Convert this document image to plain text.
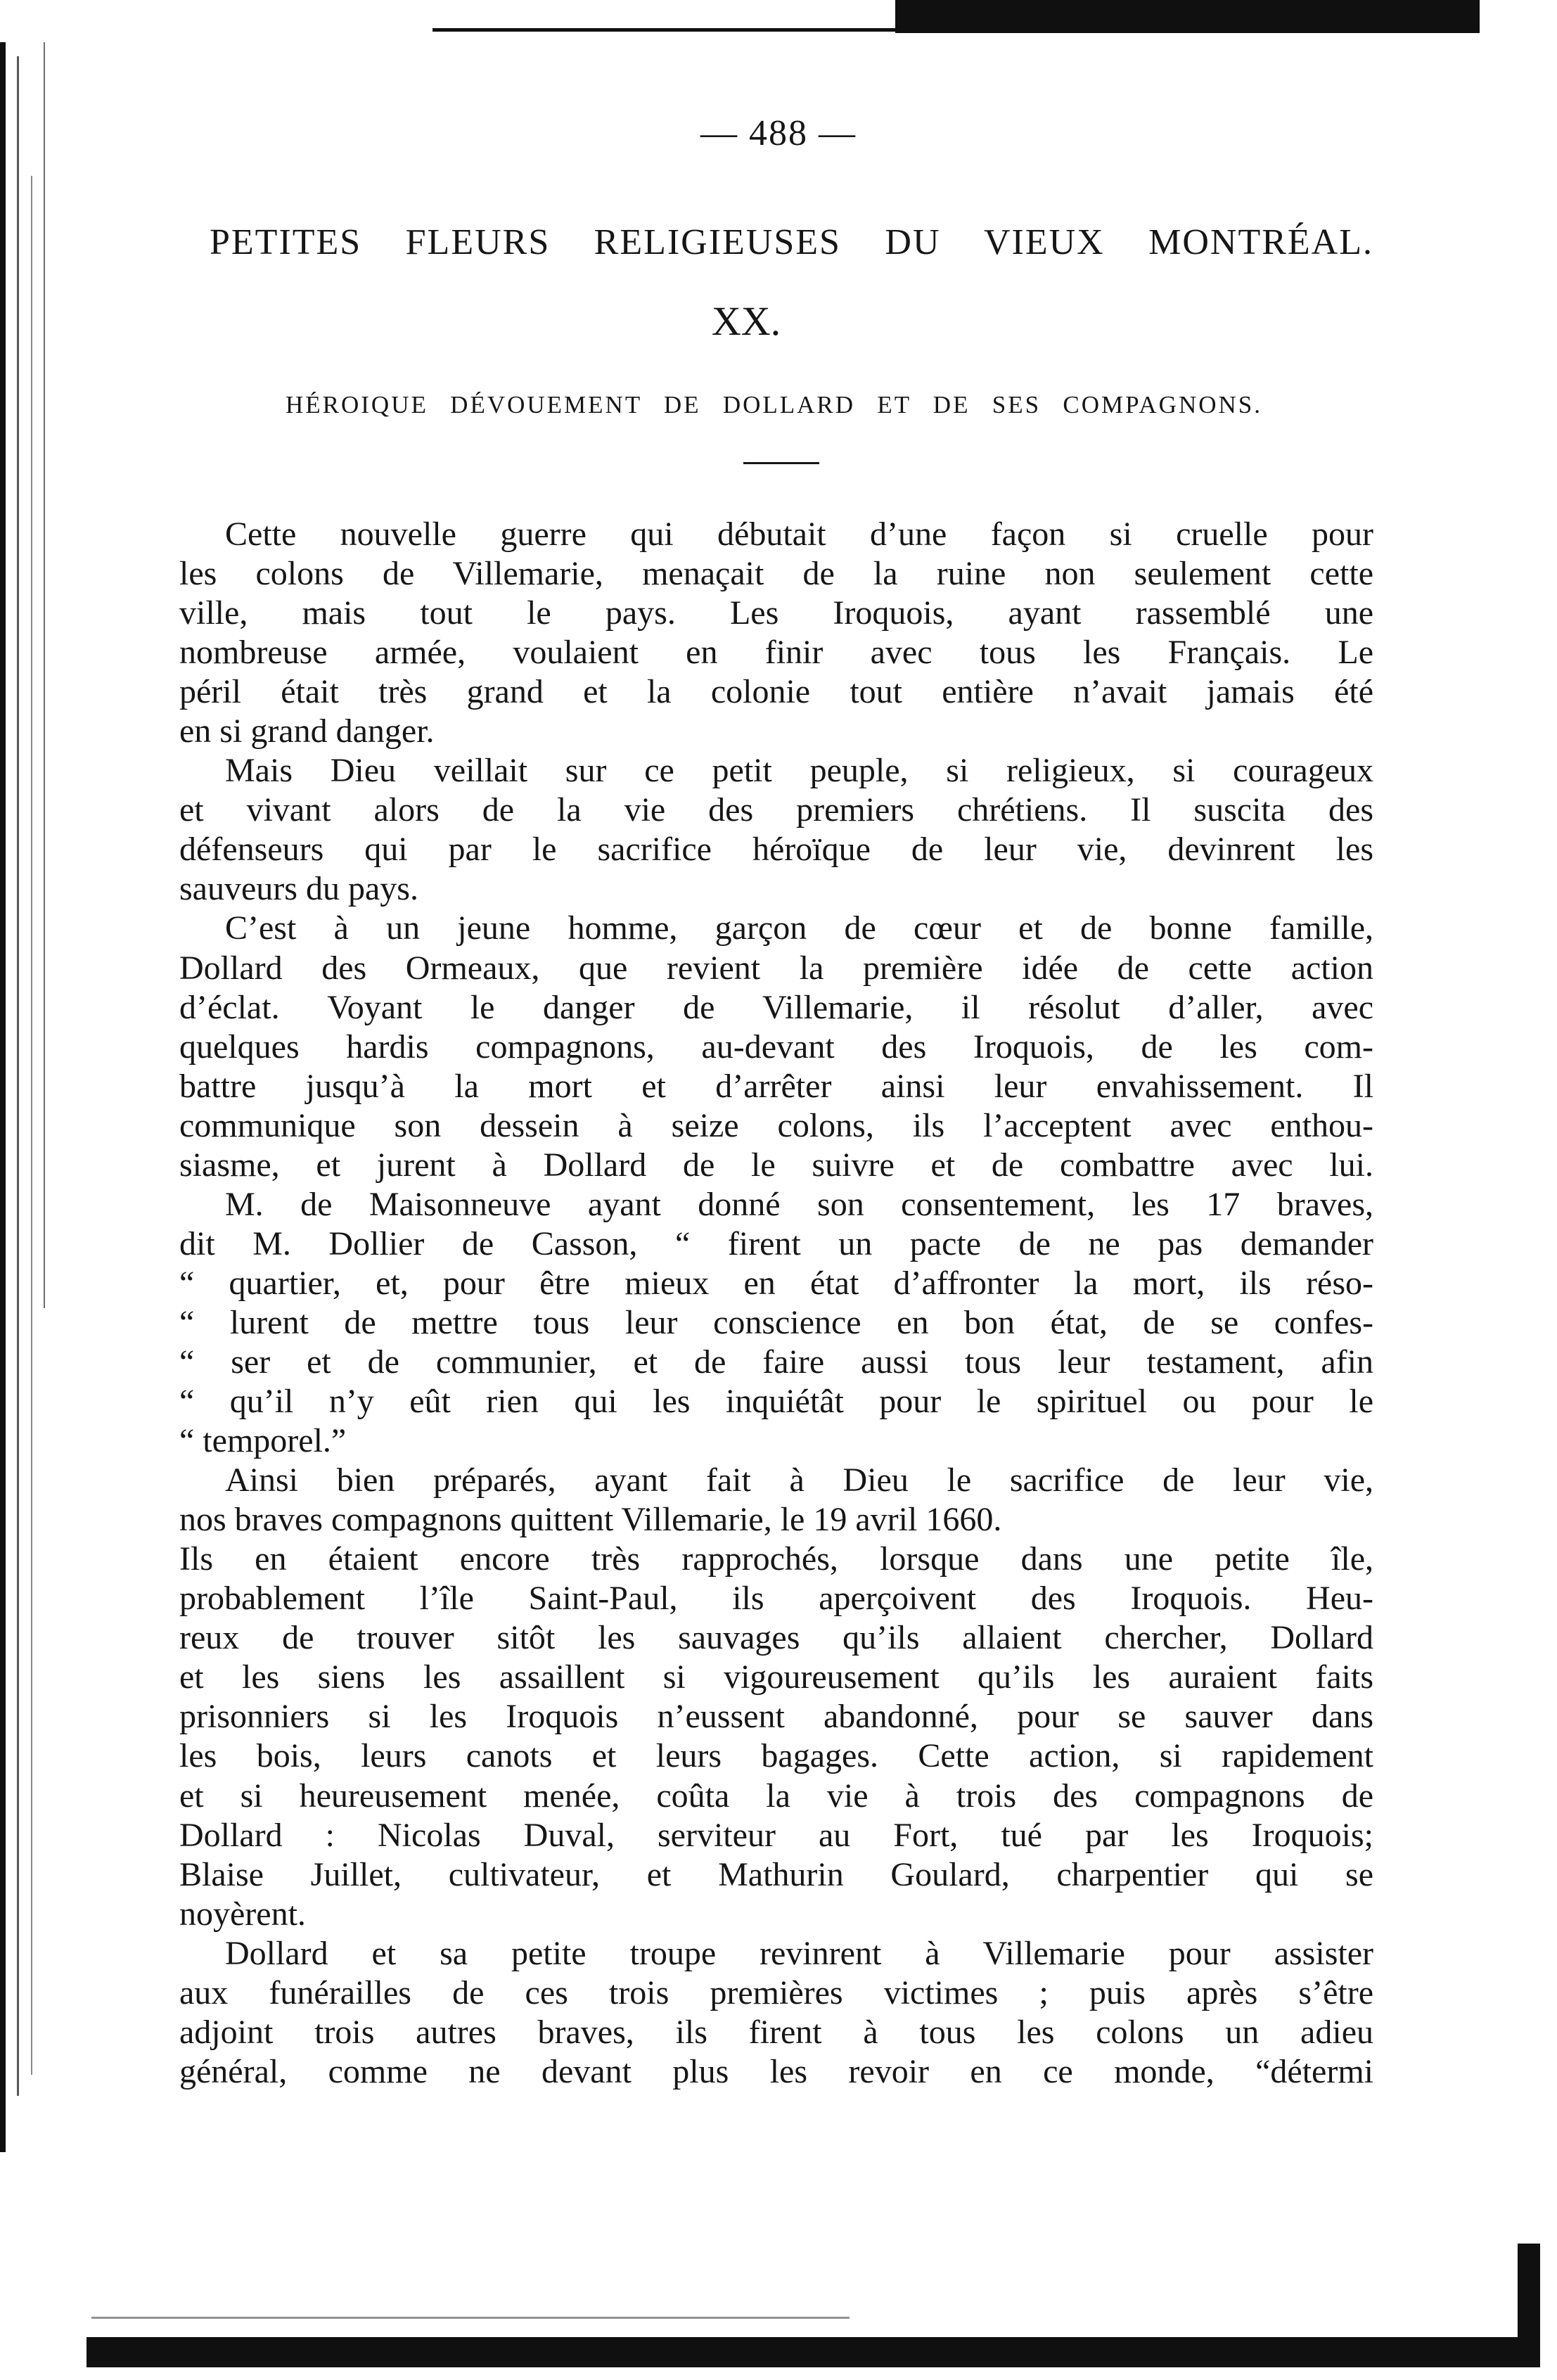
— 488 —
PETITES FLEURS RELIGIEUSES DU VIEUX MONTRÉAL.
XX.
HÉROIQUE DÉVOUEMENT DE DOLLARD ET DE SES COMPAGNONS.
Cette nouvelle guerre qui débutait d’une façon si cruelle pour
les colons de Villemarie, menaçait de la ruine non seulement cette
ville, mais tout le pays. Les Iroquois, ayant rassemblé une
nombreuse armée, voulaient en finir avec tous les Français. Le
péril était très grand et la colonie tout entière n’avait jamais été
en si grand danger.
Mais Dieu veillait sur ce petit peuple, si religieux, si courageux
et vivant alors de la vie des premiers chrétiens. Il suscita des
défenseurs qui par le sacrifice héroïque de leur vie, devinrent les
sauveurs du pays.
C’est à un jeune homme, garçon de cœur et de bonne famille,
Dollard des Ormeaux, que revient la première idée de cette action
d’éclat. Voyant le danger de Villemarie, il résolut d’aller, avec
quelques hardis compagnons, au-devant des Iroquois, de les com-
battre jusqu’à la mort et d’arrêter ainsi leur envahissement. Il
communique son dessein à seize colons, ils l’acceptent avec enthou-
siasme, et jurent à Dollard de le suivre et de combattre avec lui.
M. de Maisonneuve ayant donné son consentement, les 17 braves,
dit M. Dollier de Casson, “ firent un pacte de ne pas demander
“ quartier, et, pour être mieux en état d’affronter la mort, ils réso-
“ lurent de mettre tous leur conscience en bon état, de se confes-
“ ser et de communier, et de faire aussi tous leur testament, afin
“ qu’il n’y eût rien qui les inquiétât pour le spirituel ou pour le
“ temporel.”
Ainsi bien préparés, ayant fait à Dieu le sacrifice de leur vie,
nos braves compagnons quittent Villemarie, le 19 avril 1660.
Ils en étaient encore très rapprochés, lorsque dans une petite île,
probablement l’île Saint-Paul, ils aperçoivent des Iroquois. Heu-
reux de trouver sitôt les sauvages qu’ils allaient chercher, Dollard
et les siens les assaillent si vigoureusement qu’ils les auraient faits
prisonniers si les Iroquois n’eussent abandonné, pour se sauver dans
les bois, leurs canots et leurs bagages. Cette action, si rapidement
et si heureusement menée, coûta la vie à trois des compagnons de
Dollard : Nicolas Duval, serviteur au Fort, tué par les Iroquois;
Blaise Juillet, cultivateur, et Mathurin Goulard, charpentier qui se
noyèrent.
Dollard et sa petite troupe revinrent à Villemarie pour assister
aux funérailles de ces trois premières victimes ; puis après s’être
adjoint trois autres braves, ils firent à tous les colons un adieu
général, comme ne devant plus les revoir en ce monde, “détermi
